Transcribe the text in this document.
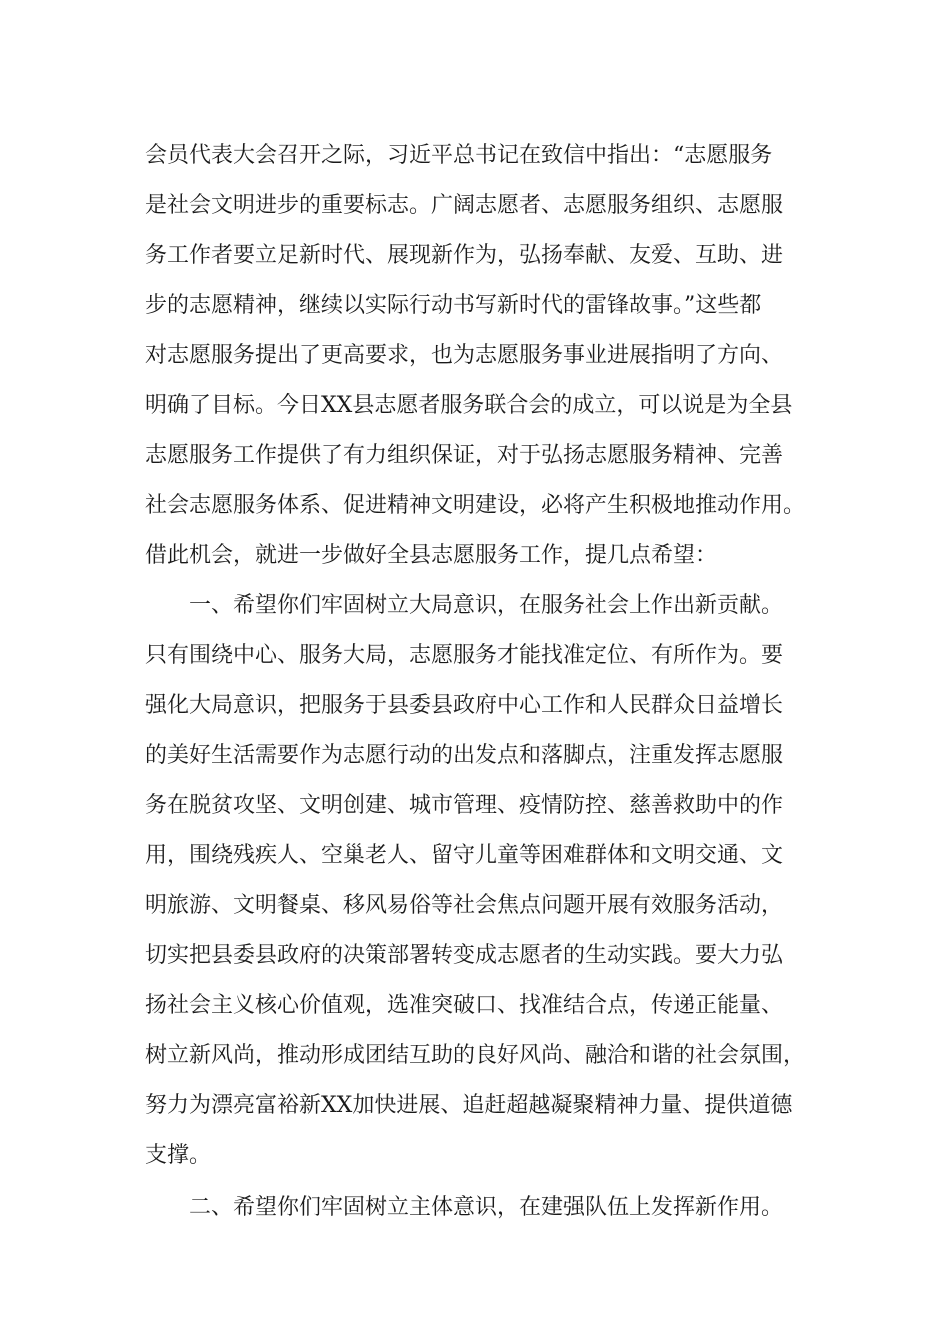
会员代表大会召开之际，习近平总书记在致信中指出：“志愿服务
是社会文明进步的重要标志。广阔志愿者、志愿服务组织、志愿服
务工作者要立足新时代、展现新作为，弘扬奉献、友爱、互助、进
步的志愿精神，继续以实际行动书写新时代的雷锋故事。”这些都
对志愿服务提出了更高要求，也为志愿服务事业进展指明了方向、
明确了目标。今日XX县志愿者服务联合会的成立，可以说是为全县
志愿服务工作提供了有力组织保证，对于弘扬志愿服务精神、完善
社会志愿服务体系、促进精神文明建设，必将产生积极地推动作用。
借此机会，就进一步做好全县志愿服务工作，提几点希望：
一、希望你们牢固树立大局意识，在服务社会上作出新贡献。
只有围绕中心、服务大局，志愿服务才能找准定位、有所作为。要
强化大局意识，把服务于县委县政府中心工作和人民群众日益增长
的美好生活需要作为志愿行动的出发点和落脚点，注重发挥志愿服
务在脱贫攻坚、文明创建、城市管理、疫情防控、慈善救助中的作
用，围绕残疾人、空巢老人、留守儿童等困难群体和文明交通、文
明旅游、文明餐桌、移风易俗等社会焦点问题开展有效服务活动，
切实把县委县政府的决策部署转变成志愿者的生动实践。要大力弘
扬社会主义核心价值观，选准突破口、找准结合点，传递正能量、
树立新风尚，推动形成团结互助的良好风尚、融洽和谐的社会氛围，
努力为漂亮富裕新XX加快进展、追赶超越凝聚精神力量、提供道德
支撑。
二、希望你们牢固树立主体意识，在建强队伍上发挥新作用。
